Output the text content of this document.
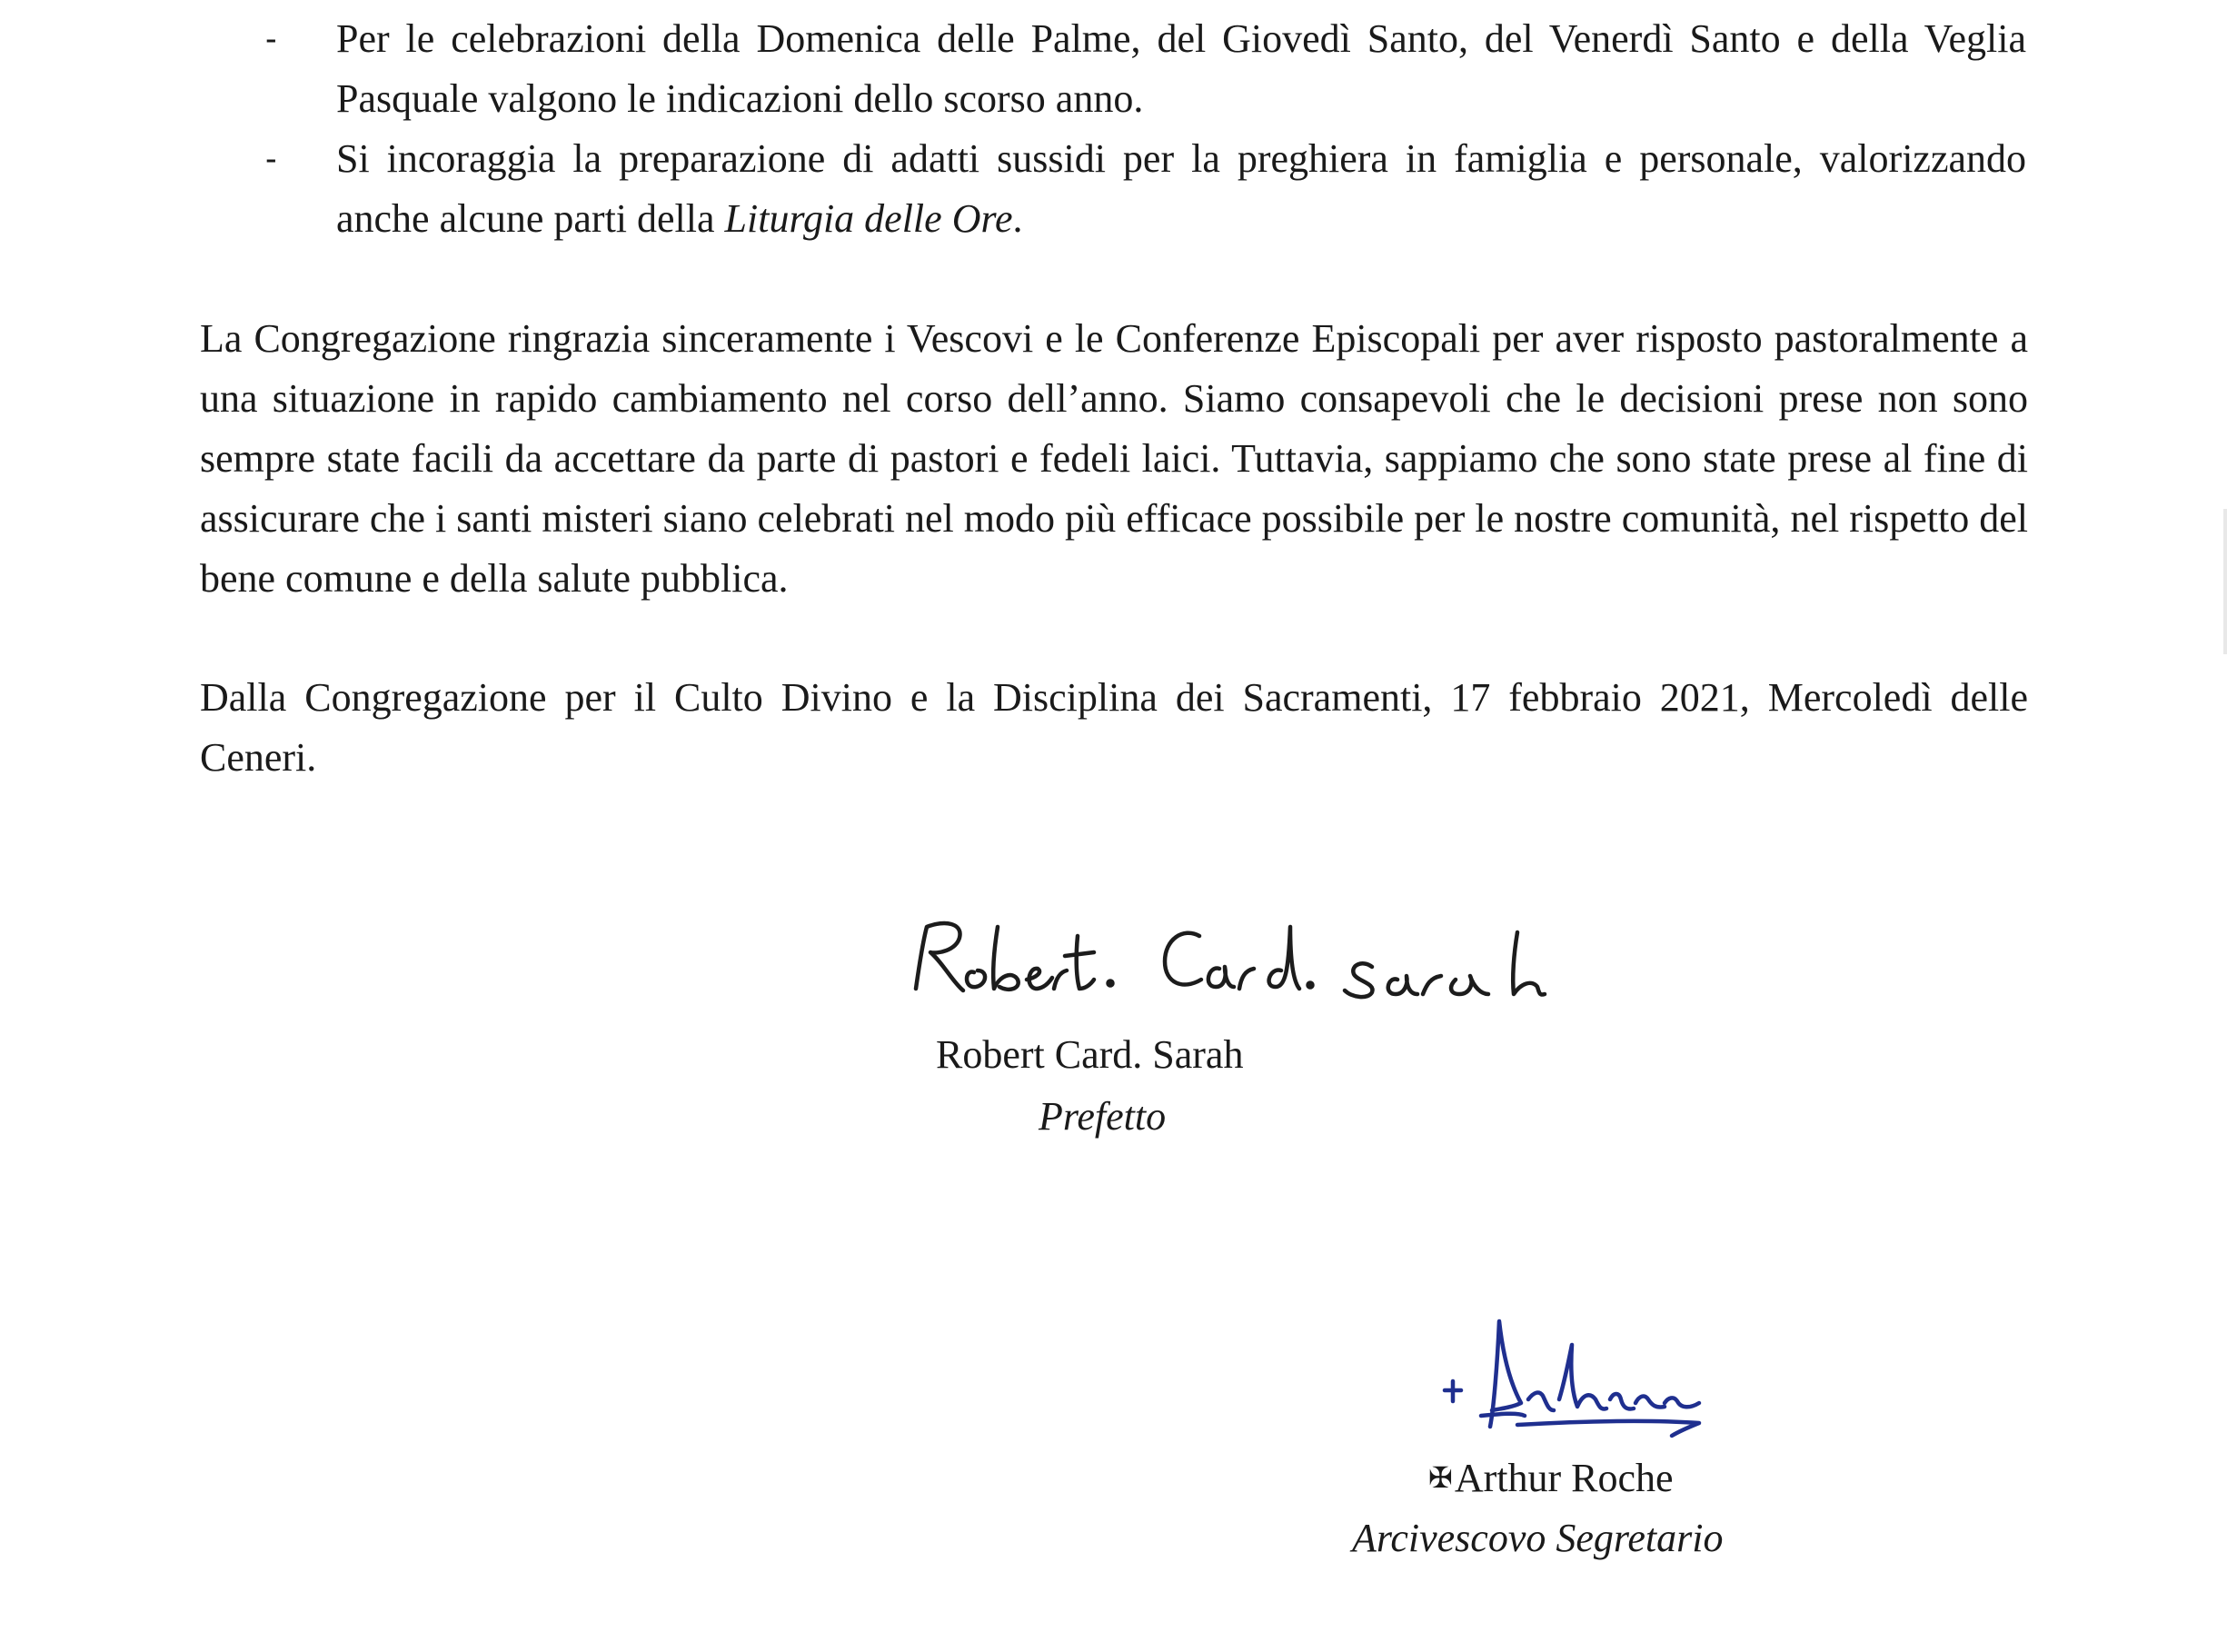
-	Per le celebrazioni della Domenica delle Palme, del Giovedì Santo, del Venerdì Santo e della Veglia Pasquale valgono le indicazioni dello scorso anno.
-	Si incoraggia la preparazione di adatti sussidi per la preghiera in famiglia e personale, valorizzando anche alcune parti della Liturgia delle Ore.
La Congregazione ringrazia sinceramente i Vescovi e le Conferenze Episcopali per aver risposto pastoralmente a una situazione in rapido cambiamento nel corso dell’anno. Siamo consapevoli che le decisioni prese non sono sempre state facili da accettare da parte di pastori e fedeli laici. Tuttavia, sappiamo che sono state prese al fine di assicurare che i santi misteri siano celebrati nel modo più efficace possibile per le nostre comunità, nel rispetto del bene comune e della salute pubblica.
Dalla Congregazione per il Culto Divino e la Disciplina dei Sacramenti, 17 febbraio 2021, Mercoledì delle Ceneri.
Robert Card. Sarah
Prefetto
✠Arthur Roche
Arcivescovo Segretario
